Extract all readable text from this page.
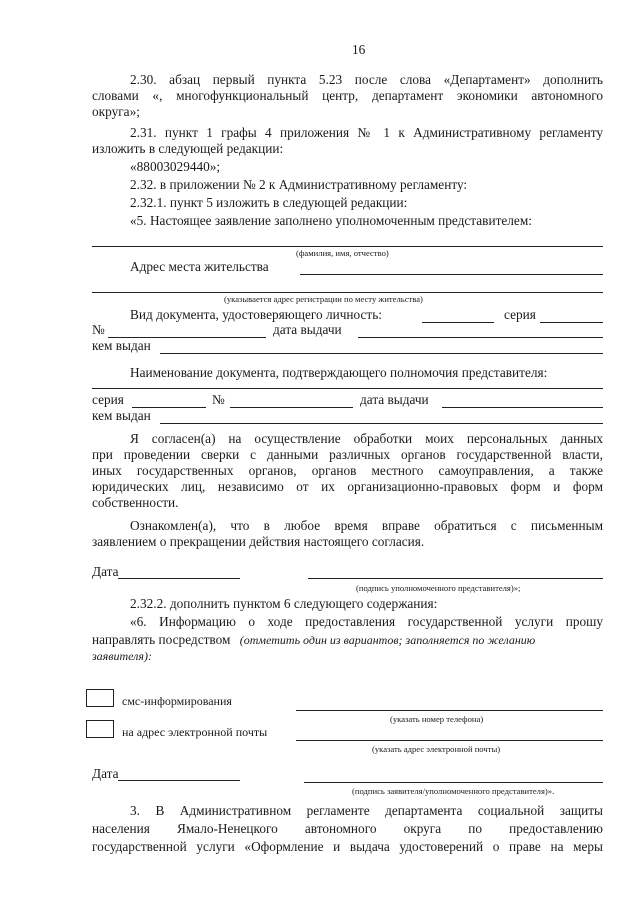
16
2.30. абзац первый пункта 5.23 после слова «Департамент» дополнить
словами «, многофункциональный центр, департамент экономики автономного
округа»;
2.31. пункт 1 графы 4 приложения № 1 к Административному регламенту
изложить в следующей редакции:
«88003029440»;
2.32. в приложении № 2 к Административному регламенту:
2.32.1. пункт 5 изложить в следующей редакции:
«5. Настоящее заявление заполнено уполномоченным представителем:
(фамилия, имя, отчество)
Адрес места жительства
(указывается адрес регистрации по месту жительства)
Вид документа, удостоверяющего личность:	серия
№	дата выдачи
кем выдан
Наименование документа, подтверждающего полномочия представителя:
серия	№	дата выдачи
кем выдан
Я согласен(а) на осуществление обработки моих персональных данных
при проведении сверки с данными различных органов государственной власти,
иных государственных органов, органов местного самоуправления, а также
юридических лиц, независимо от их организационно-правовых форм и форм
собственности.
Ознакомлен(а), что в любое время вправе обратиться с письменным
заявлением о прекращении действия настоящего согласия.
Дата
(подпись уполномоченного представителя)»;
2.32.2. дополнить пунктом 6 следующего содержания:
«6. Информацию о ходе предоставления государственной услуги прошу
направлять посредством (отметить один из вариантов; заполняется по желанию
заявителя):
смс-информирования
(указать номер телефона)
на адрес электронной почты
(указать адрес электронной почты)
Дата
(подпись заявителя/уполномоченного представителя)».
3. В Административном регламенте департамента социальной защиты
населения Ямало-Ненецкого автономного округа по предоставлению
государственной услуги «Оформление и выдача удостоверений о праве на меры
